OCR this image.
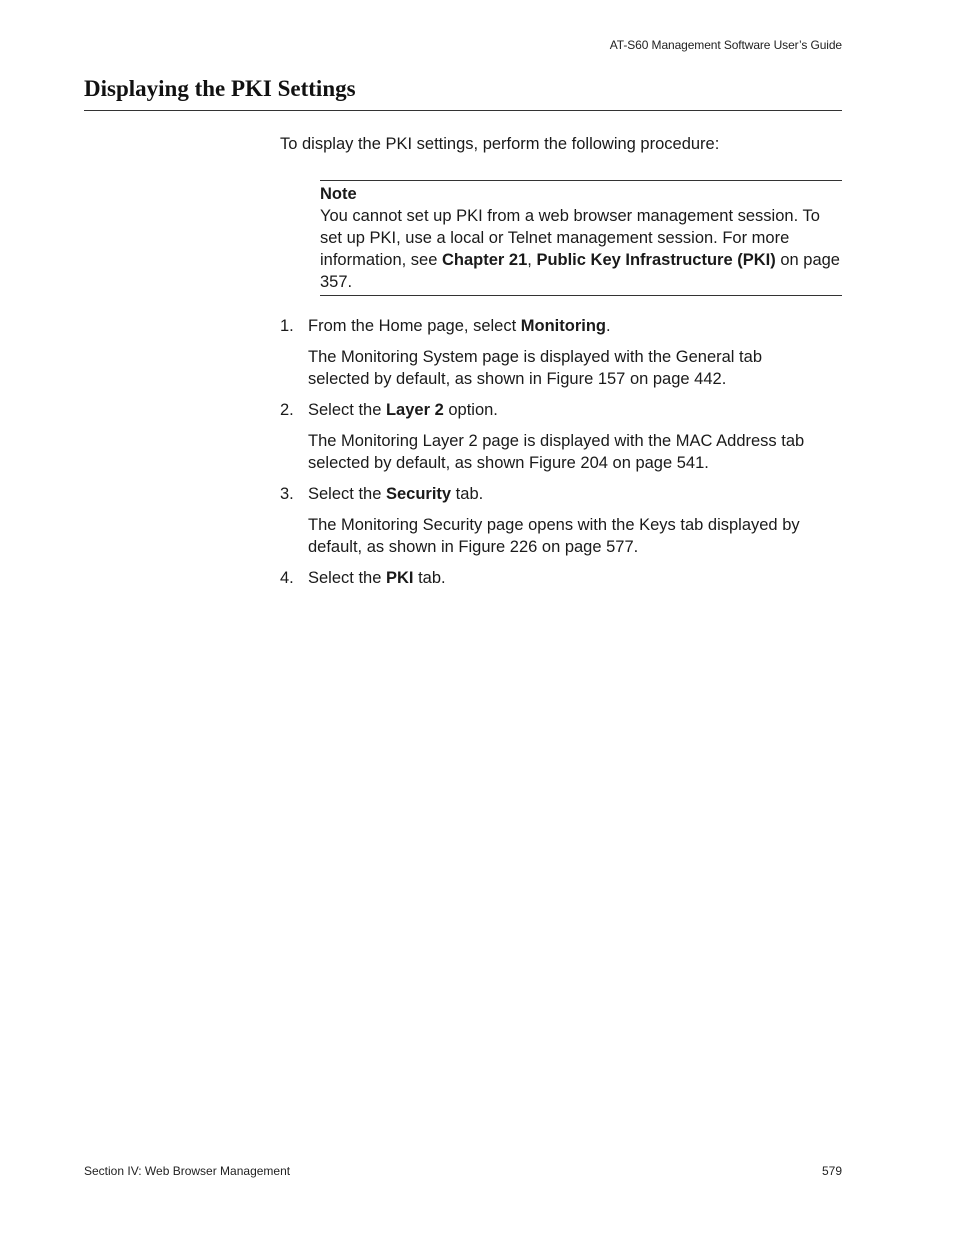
AT-S60 Management Software User’s Guide
Displaying the PKI Settings

To display the PKI settings, perform the following procedure:

Note

You cannot set up PKI from a web browser management session. To set up PKI, use a local or Telnet management session. For more information, see Chapter 21, Public Key Infrastructure (PKI) on page 357.

1. From the Home page, select Monitoring.

The Monitoring System page is displayed with the General tab selected by default, as shown in Figure 157 on page 442.

2. Select the Layer 2 option.

The Monitoring Layer 2 page is displayed with the MAC Address tab selected by default, as shown Figure 204 on page 541.

3. Select the Security tab.

The Monitoring Security page opens with the Keys tab displayed by default, as shown in Figure 226 on page 577.

4. Select the PKI tab.

Section IV: Web Browser Management	579
